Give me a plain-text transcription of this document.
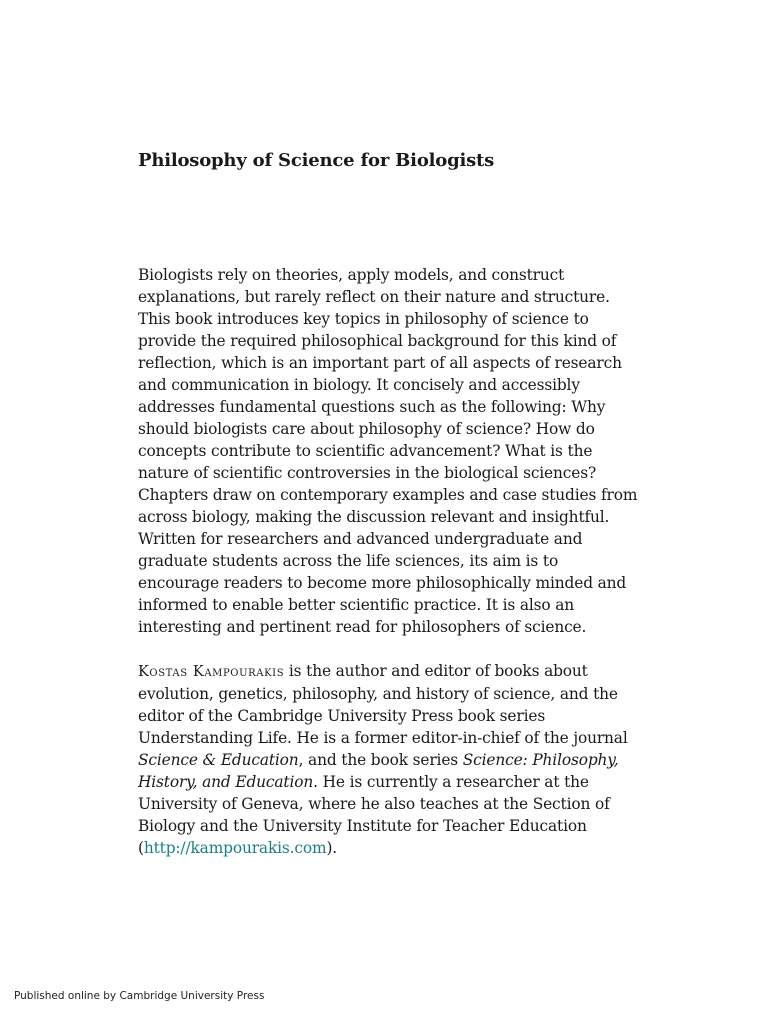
Philosophy of Science for Biologists

Biologists rely on theories, apply models, and construct explanations, but rarely reflect on their nature and structure. This book introduces key topics in philosophy of science to provide the required philosophical background for this kind of reflection, which is an important part of all aspects of research and communication in biology. It concisely and accessibly addresses fundamental questions such as the following: Why should biologists care about philosophy of science? How do concepts contribute to scientific advancement? What is the nature of scientific controversies in the biological sciences? Chapters draw on contemporary examples and case studies from across biology, making the discussion relevant and insightful. Written for researchers and advanced undergraduate and graduate students across the life sciences, its aim is to encourage readers to become more philosophically minded and informed to enable better scientific practice. It is also an interesting and pertinent read for philosophers of science.

Kostas Kampourakis is the author and editor of books about evolution, genetics, philosophy, and history of science, and the editor of the Cambridge University Press book series Understanding Life. He is a former editor-in-chief of the journal Science & Education, and the book series Science: Philosophy, History, and Education. He is currently a researcher at the University of Geneva, where he also teaches at the Section of Biology and the University Institute for Teacher Education (http://kampourakis.com).

Published online by Cambridge University Press
